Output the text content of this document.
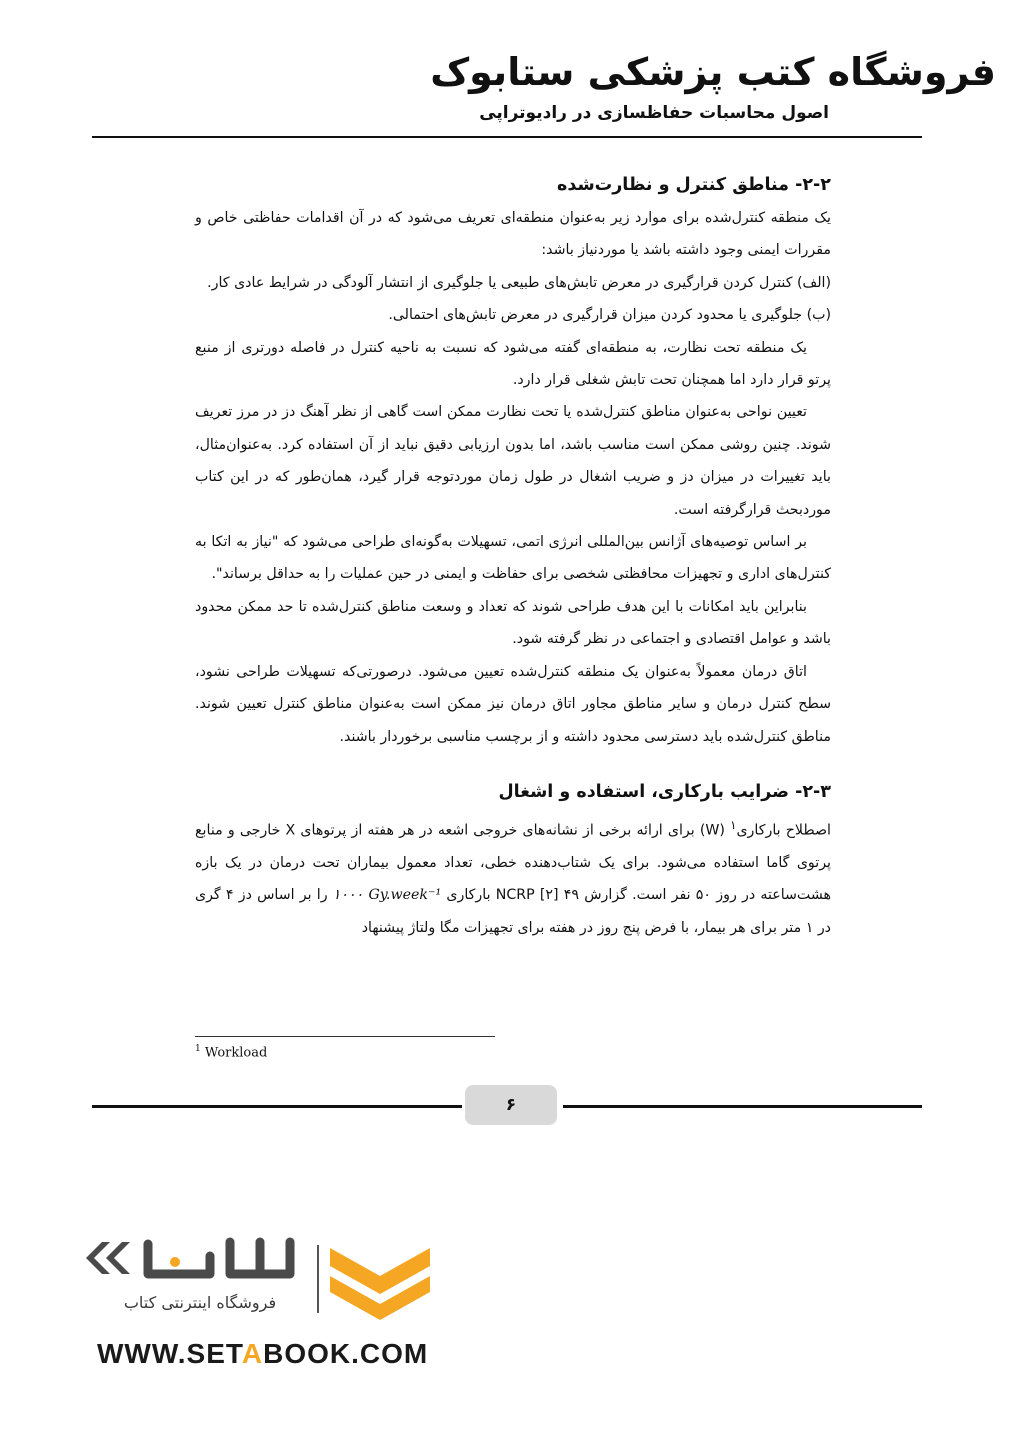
فروشگاه کتب پزشکی ستابوک
اصول محاسبات حفاظسازی در رادیوتراپی
۲-۲- مناطق کنترل و نظارت‌شده

یک منطقه کنترل‌شده برای موارد زیر به‌عنوان منطقه‌ای تعریف می‌شود که در آن اقدامات حفاظتی خاص و مقررات ایمنی وجود داشته باشد یا موردنیاز باشد:

(الف) کنترل کردن قرارگیری در معرض تابش‌های طبیعی یا جلوگیری از انتشار آلودگی در شرایط عادی کار.

(ب) جلوگیری یا محدود کردن میزان قرارگیری در معرض تابش‌های احتمالی.

یک منطقه تحت نظارت، به منطقه‌ای گفته می‌شود که نسبت به ناحیه کنترل در فاصله دورتری از منبع پرتو قرار دارد اما همچنان تحت تابش شغلی قرار دارد.

تعیین نواحی به‌عنوان مناطق کنترل‌شده یا تحت نظارت ممکن است گاهی از نظر آهنگ دز در مرز تعریف شوند. چنین روشی ممکن است مناسب باشد، اما بدون ارزیابی دقیق نباید از آن استفاده کرد. به‌عنوان‌مثال، باید تغییرات در میزان دز و ضریب اشغال در طول زمان موردتوجه قرار گیرد، همان‌طور که در این کتاب موردبحث قرارگرفته است.

بر اساس توصیه‌های آژانس بین‌المللی انرژی اتمی، تسهیلات به‌گونه‌ای طراحی می‌شود که "نیاز به اتکا به کنترل‌های اداری و تجهیزات محافظتی شخصی برای حفاظت و ایمنی در حین عملیات را به حداقل برساند".

بنابراین باید امکانات با این هدف طراحی شوند که تعداد و وسعت مناطق کنترل‌شده تا حد ممکن محدود باشد و عوامل اقتصادی و اجتماعی در نظر گرفته شود.

اتاق درمان معمولاً به‌عنوان یک منطقه کنترل‌شده تعیین می‌شود. درصورتی‌که تسهیلات طراحی نشود، سطح کنترل درمان و سایر مناطق مجاور اتاق درمان نیز ممکن است به‌عنوان مناطق کنترل تعیین شوند. مناطق کنترل‌شده باید دسترسی محدود داشته و از برچسب مناسبی برخوردار باشند.

۲-۳- ضرایب بارکاری، استفاده و اشغال

اصطلاح بارکاری$^۱$ (W) برای ارائه برخی از نشانه‌های خروجی اشعه در هر هفته از پرتوهای X خارجی و منابع پرتوی گاما استفاده می‌شود. برای یک شتاب‌دهنده خطی، تعداد معمول بیماران تحت درمان در یک بازه هشت‌ساعته در روز ۵۰ نفر است. گزارش ۴۹ NCRP [۲] بارکاری ۱۰۰۰ Gy.week⁻¹ را بر اساس دز ۴ گری در ۱ متر برای هر بیمار، با فرض پنج روز در هفته برای تجهیزات مگا ولتاژ پیشنهاد

$^1$ Workload
۶
فروشگاه اینترنتی کتاب
WWW.SETABOOK.COM
